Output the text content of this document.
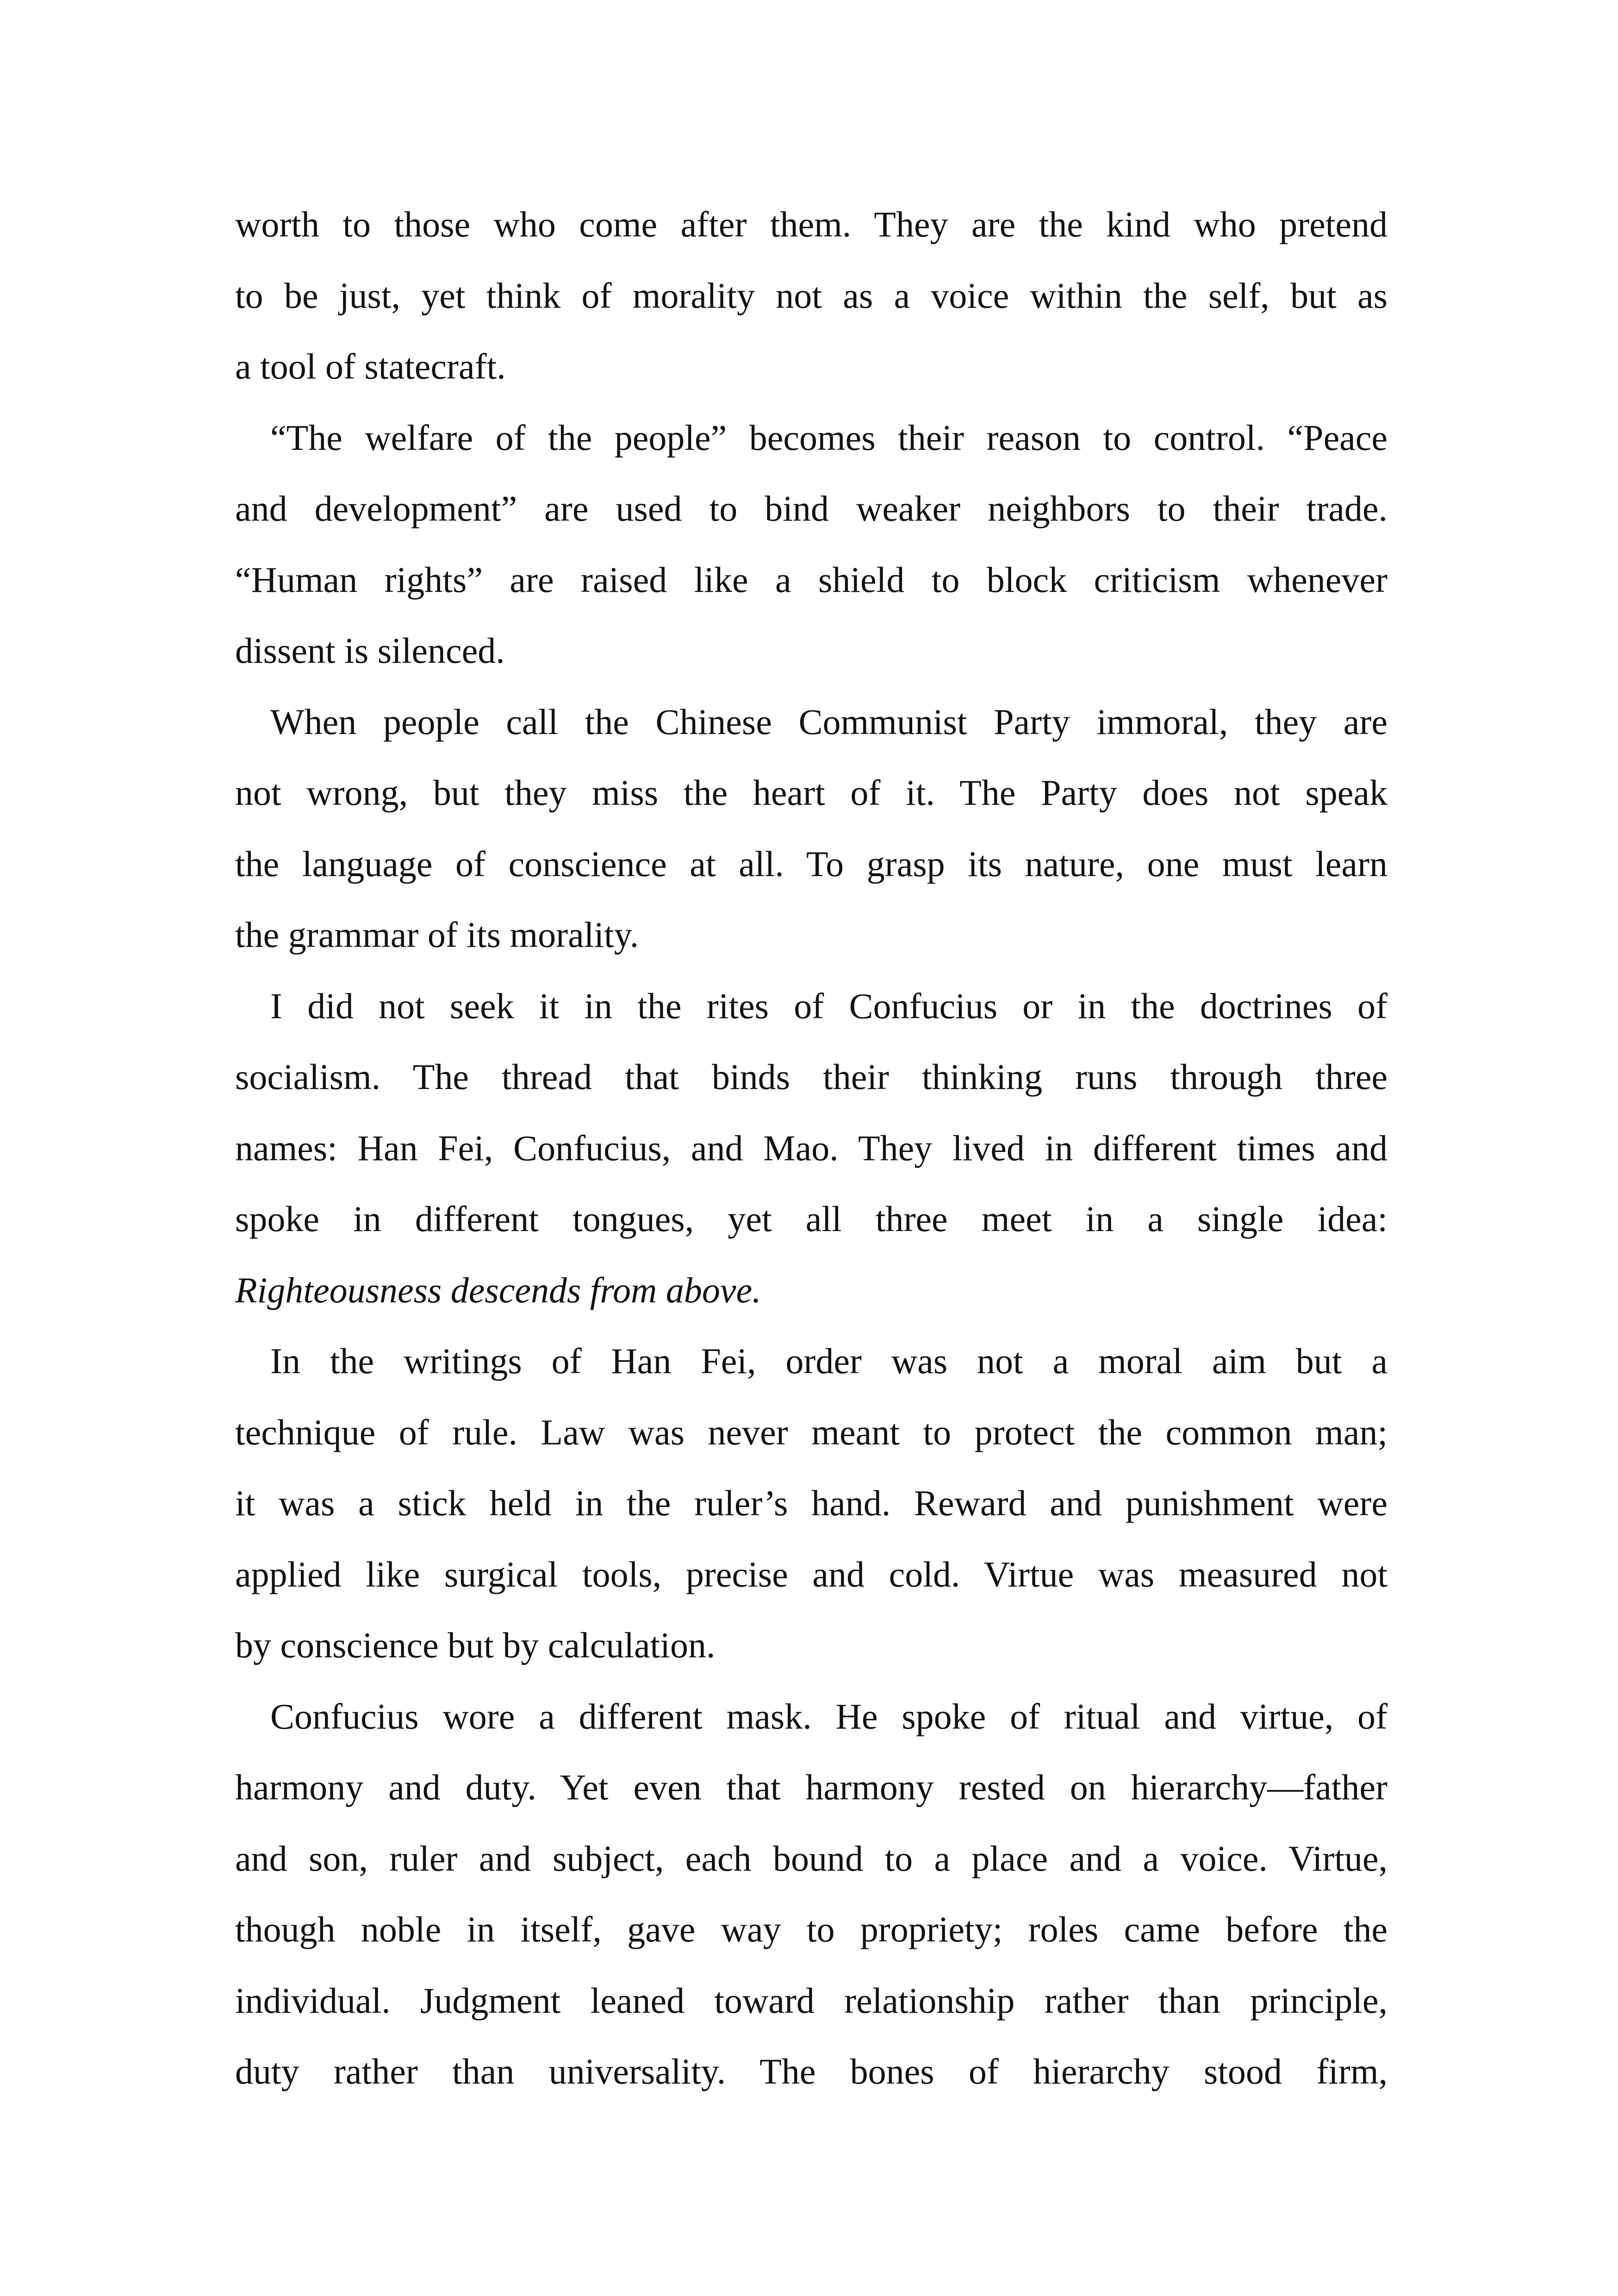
worth to those who come after them. They are the kind who pretend
to be just, yet think of morality not as a voice within the self, but as
a tool of statecraft.
“The welfare of the people” becomes their reason to control. “Peace
and development” are used to bind weaker neighbors to their trade.
“Human rights” are raised like a shield to block criticism whenever
dissent is silenced.
When people call the Chinese Communist Party immoral, they are
not wrong, but they miss the heart of it. The Party does not speak
the language of conscience at all. To grasp its nature, one must learn
the grammar of its morality.
I did not seek it in the rites of Confucius or in the doctrines of
socialism. The thread that binds their thinking runs through three
names: Han Fei, Confucius, and Mao. They lived in different times and
spoke in different tongues, yet all three meet in a single idea:
Righteousness descends from above.
In the writings of Han Fei, order was not a moral aim but a
technique of rule. Law was never meant to protect the common man;
it was a stick held in the ruler’s hand. Reward and punishment were
applied like surgical tools, precise and cold. Virtue was measured not
by conscience but by calculation.
Confucius wore a different mask. He spoke of ritual and virtue, of
harmony and duty. Yet even that harmony rested on hierarchy—father
and son, ruler and subject, each bound to a place and a voice. Virtue,
though noble in itself, gave way to propriety; roles came before the
individual. Judgment leaned toward relationship rather than principle,
duty rather than universality. The bones of hierarchy stood firm,
